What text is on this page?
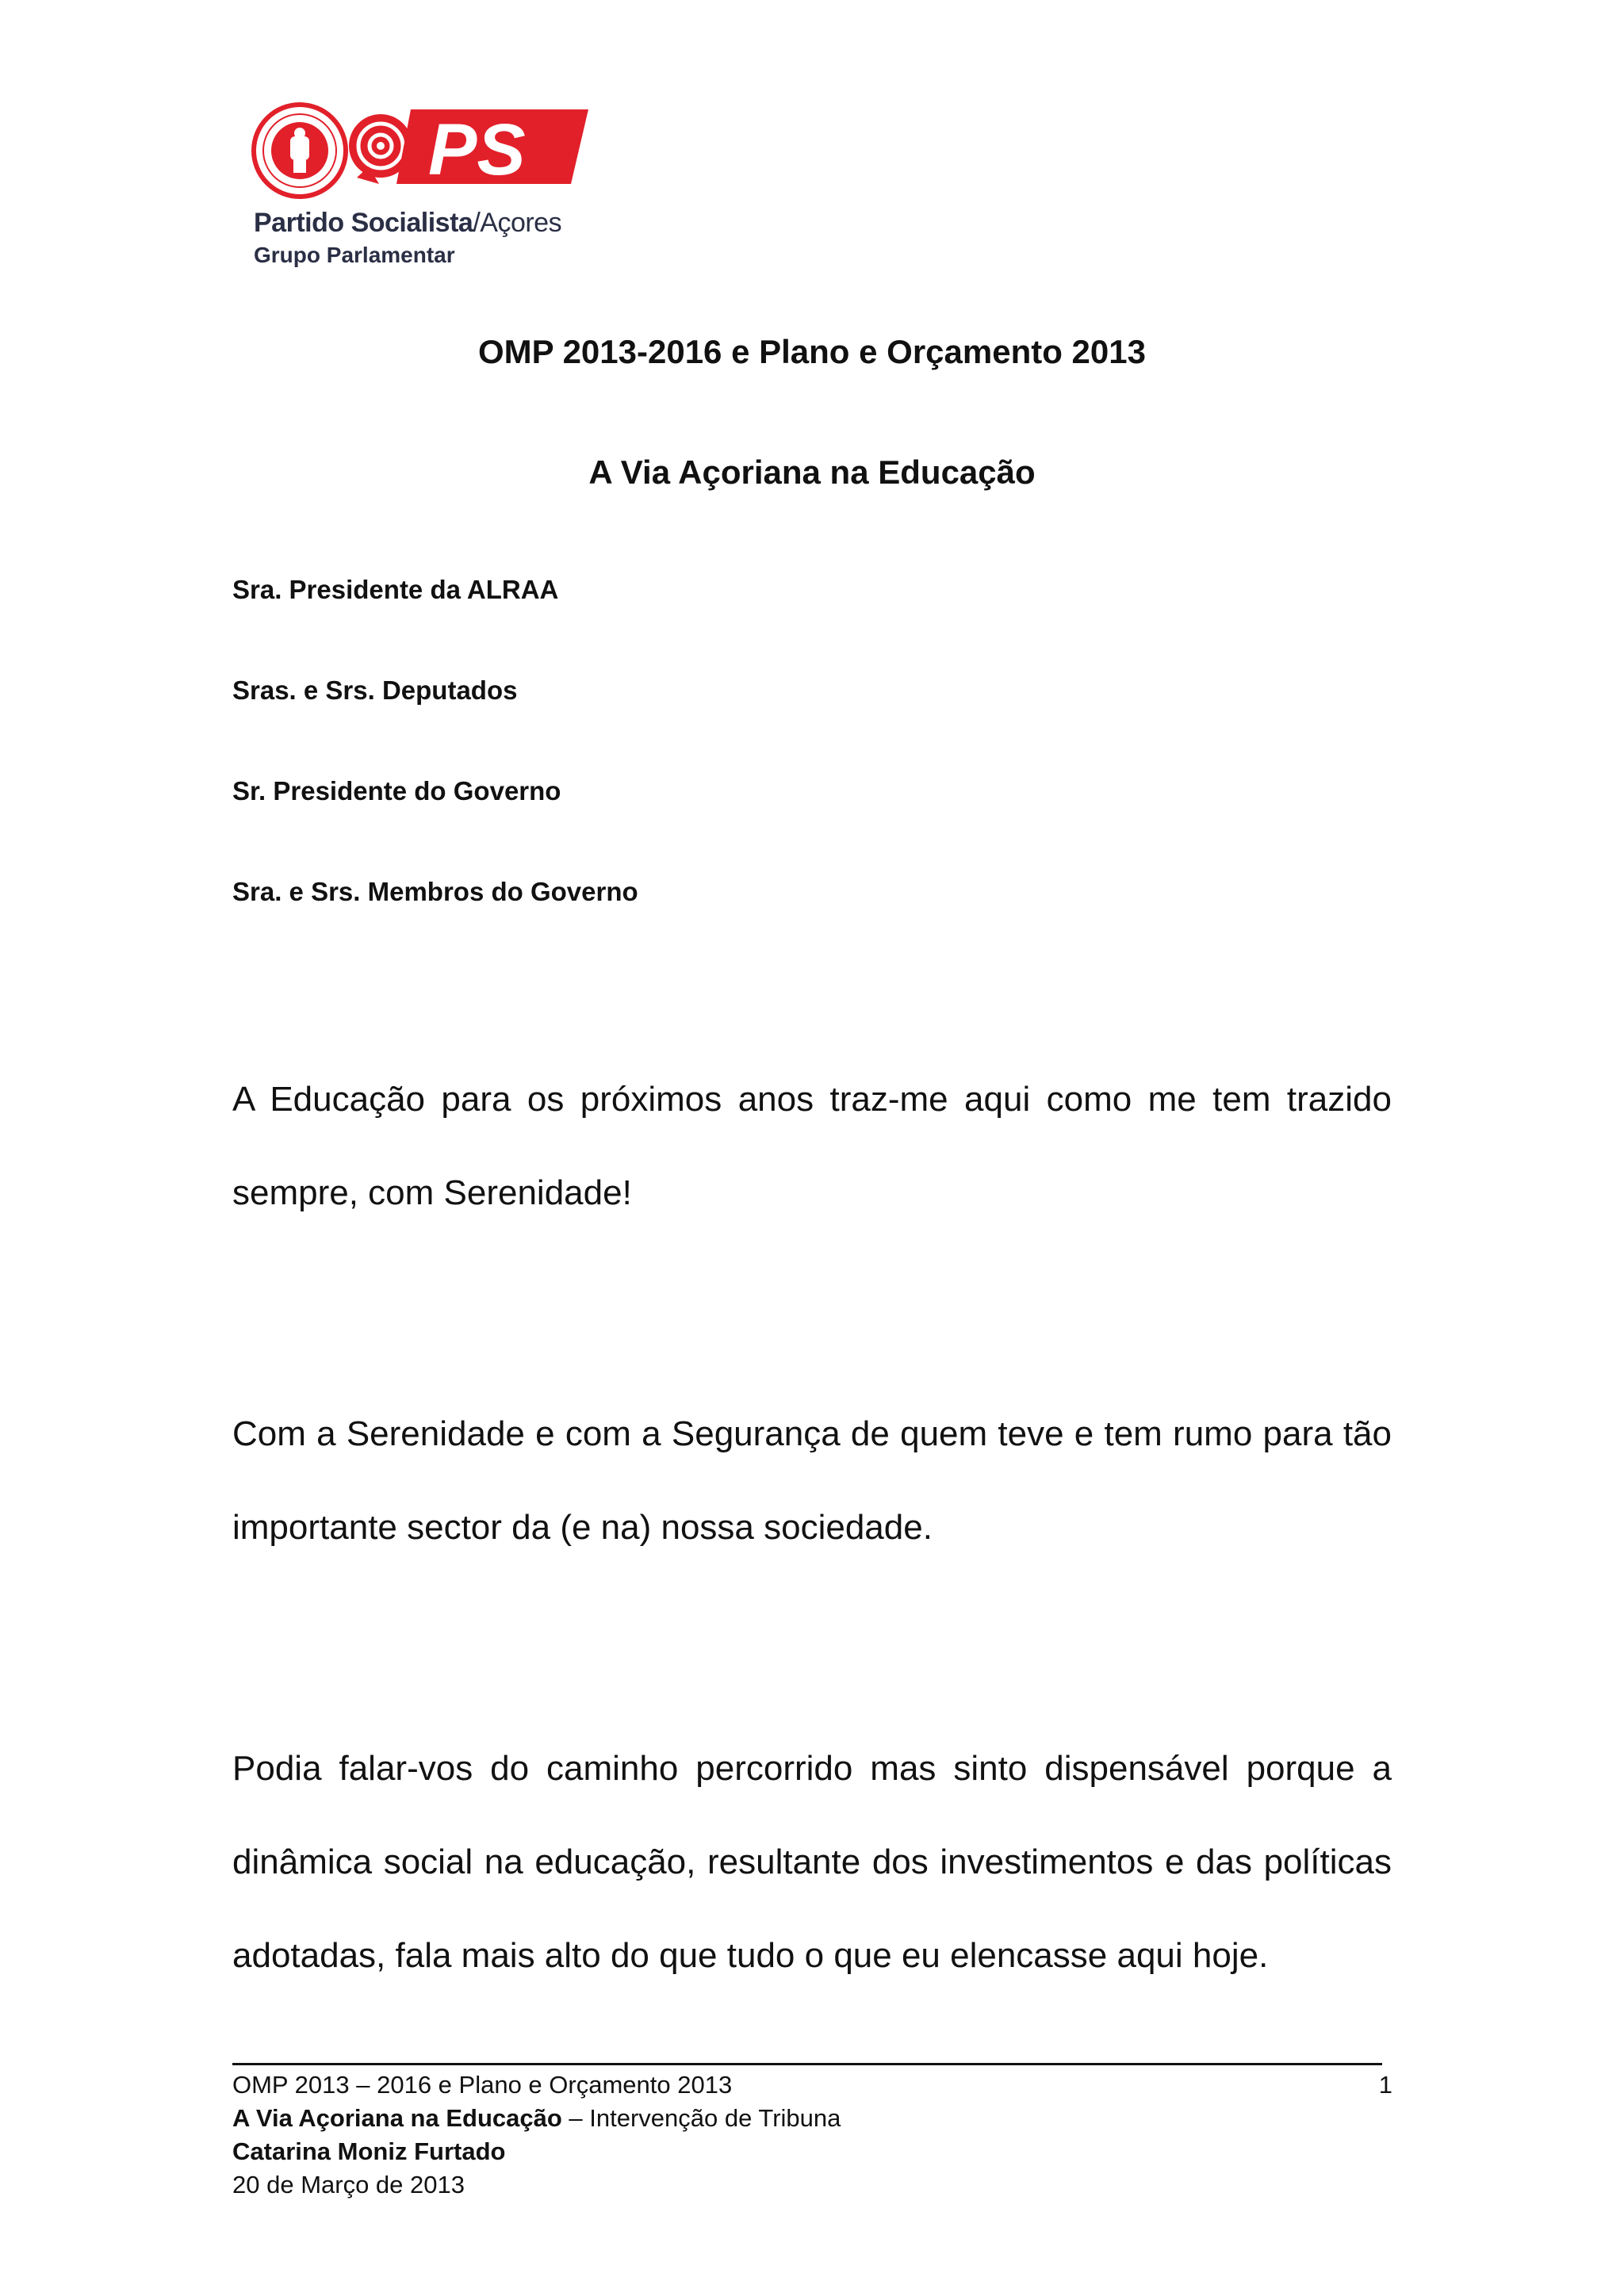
PS
Partido Socialista/Açores
Grupo Parlamentar
OMP 2013-2016 e Plano e Orçamento 2013
A Via Açoriana na Educação
Sra. Presidente da ALRAA
Sras. e Srs. Deputados
Sr. Presidente do Governo
Sra. e Srs. Membros do Governo
A Educação para os próximos anos traz-me aqui como me tem trazido
sempre, com Serenidade!
Com a Serenidade e com a Segurança de quem teve e tem rumo para tão
importante sector da (e na) nossa sociedade.
Podia falar-vos do caminho percorrido mas sinto dispensável porque a
dinâmica social na educação, resultante dos investimentos e das políticas
adotadas, fala mais alto do que tudo o que eu elencasse aqui hoje.
OMP 2013 – 2016 e Plano e Orçamento 2013	1
A Via Açoriana na Educação – Intervenção de Tribuna
Catarina Moniz Furtado
20 de Março de 2013
